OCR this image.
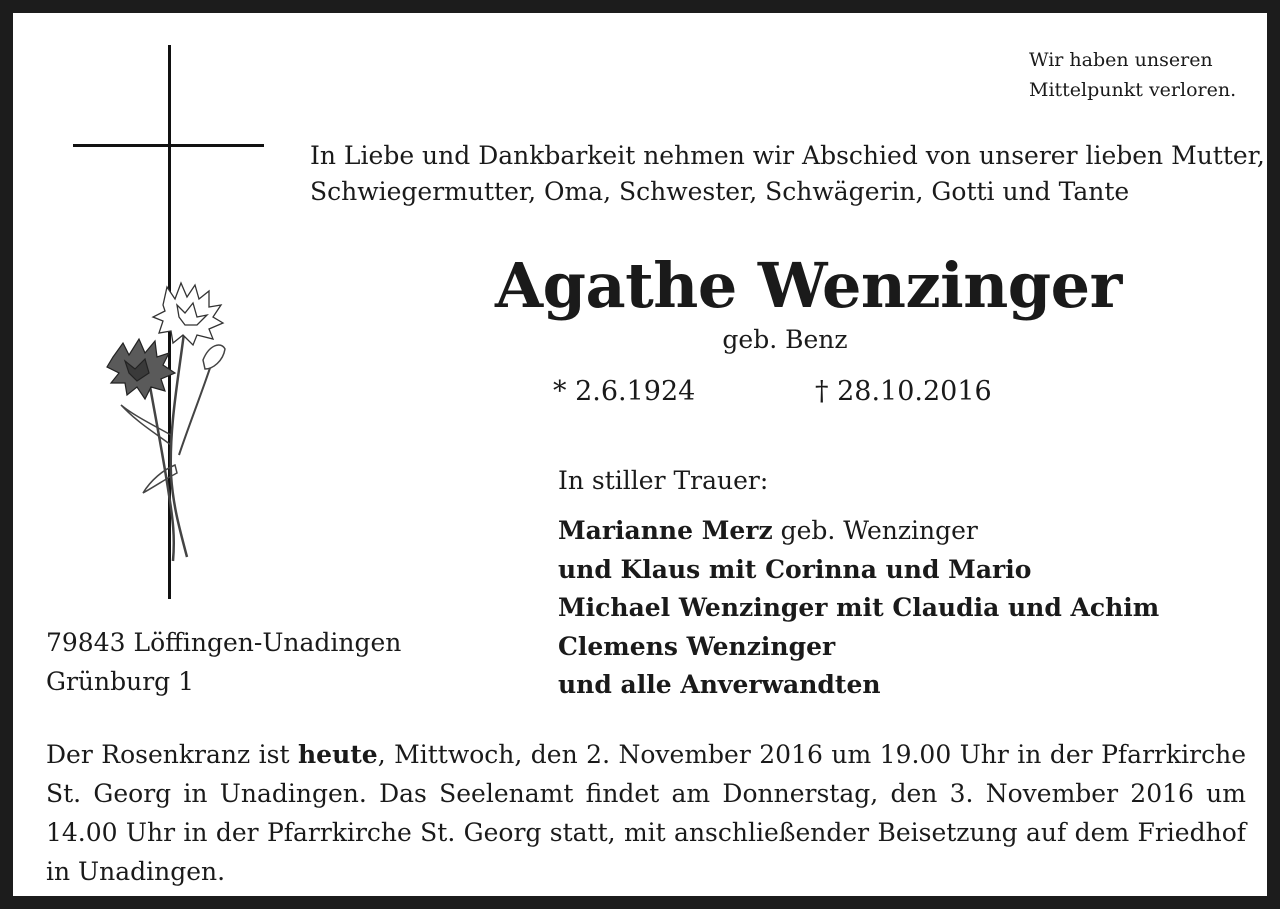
Wir haben unseren
Mittelpunkt verloren.
In Liebe und Dankbarkeit nehmen wir Abschied von unserer lieben Mutter,
Schwiegermutter, Oma, Schwester, Schwägerin, Gotti und Tante
Agathe Wenzinger
geb. Benz
* 2.6.1924	† 28.10.2016
In stiller Trauer:
Marianne Merz geb. Wenzinger
und Klaus mit Corinna und Mario
Michael Wenzinger mit Claudia und Achim
Clemens Wenzinger
und alle Anverwandten
79843 Löffingen-Unadingen
Grünburg 1
Der Rosenkranz ist heute, Mittwoch, den 2. November 2016 um 19.00 Uhr in der Pfarrkirche St. Georg in Unadingen. Das Seelenamt findet am Donnerstag, den 3. November 2016 um 14.00 Uhr in der Pfarrkirche St. Georg statt, mit anschließender Beisetzung auf dem Friedhof in Unadingen.
